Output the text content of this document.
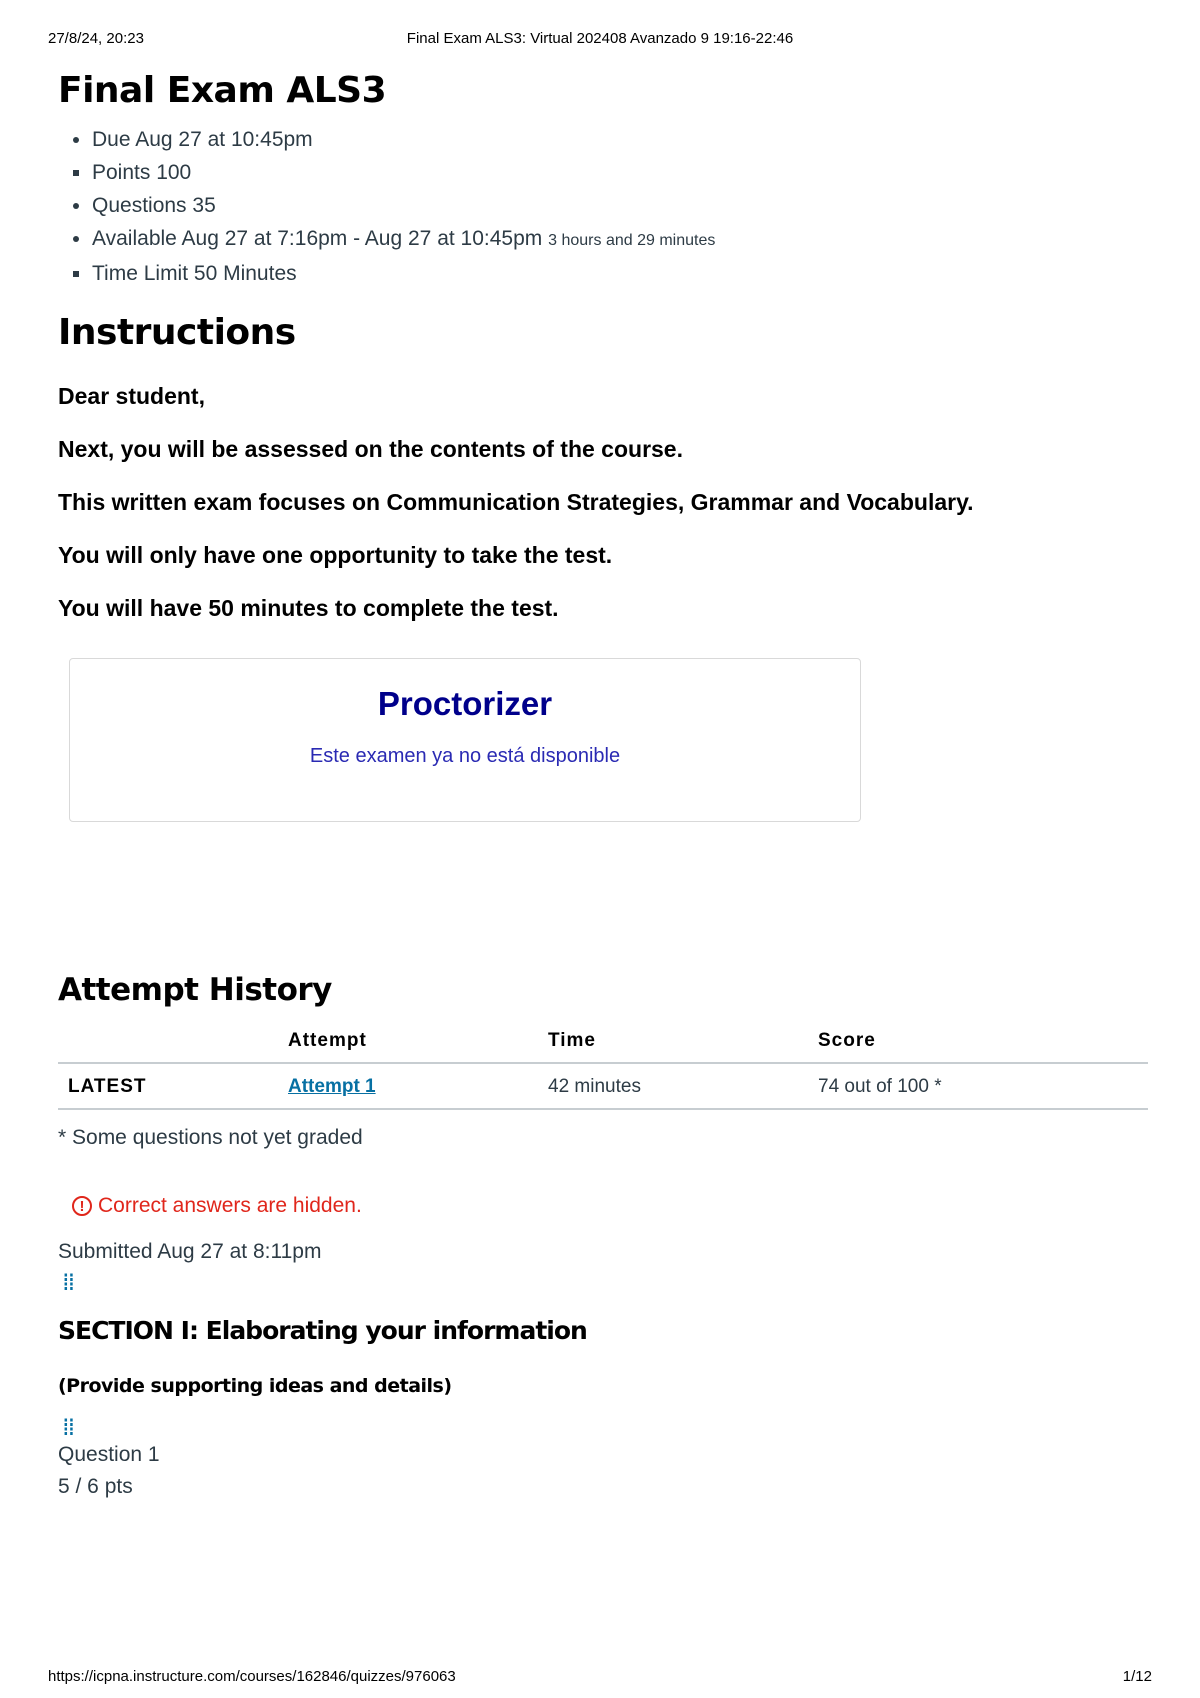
27/8/24, 20:23	Final Exam ALS3: Virtual 202408 Avanzado 9 19:16-22:46
Final Exam ALS3
• Due Aug 27 at 10:45pm
▪ Points 100
• Questions 35
• Available Aug 27 at 7:16pm - Aug 27 at 10:45pm 3 hours and 29 minutes
▪ Time Limit 50 Minutes
Instructions

Dear student,

Next, you will be assessed on the contents of the course.

This written exam focuses on Communication Strategies, Grammar and Vocabulary.

You will only have one opportunity to take the test.

You will have 50 minutes to complete the test.

Proctorizer
Este examen ya no está disponible
Attempt History
	Attempt	Time	Score
LATEST	Attempt 1	42 minutes	74 out of 100 *
* Some questions not yet graded
! Correct answers are hidden.
Submitted Aug 27 at 8:11pm
⁞⁞
SECTION I: Elaborating your information
(Provide supporting ideas and details)
⁞⁞
Question 1
5 / 6 pts
https://icpna.instructure.com/courses/162846/quizzes/976063	1/12
